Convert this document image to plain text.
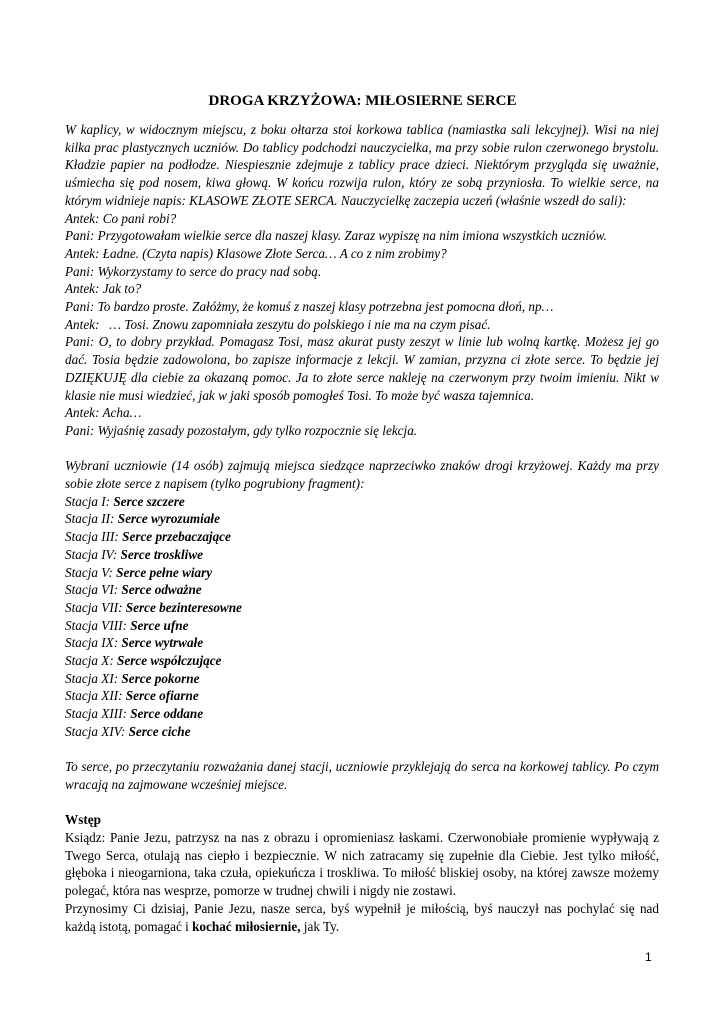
DROGA KRZYŻOWA: MIŁOSIERNE SERCE

W kaplicy, w widocznym miejscu, z boku ołtarza stoi korkowa tablica (namiastka sali lekcyjnej). Wisi na niej kilka prac plastycznych uczniów. Do tablicy podchodzi nauczycielka, ma przy sobie rulon czerwonego brystolu. Kładzie papier na podłodze. Niespiesznie zdejmuje z tablicy prace dzieci. Niektórym przygląda się uważnie, uśmiecha się pod nosem, kiwa głową. W końcu rozwija rulon, który ze sobą przyniosła. To wielkie serce, na którym widnieje napis: KLASOWE ZŁOTE SERCA. Nauczycielkę zaczepia uczeń (właśnie wszedł do sali):

Antek: Co pani robi?

Pani: Przygotowałam wielkie serce dla naszej klasy. Zaraz wypiszę na nim imiona wszystkich uczniów.

Antek: Ładne. (Czyta napis) Klasowe Złote Serca… A co z nim zrobimy?

Pani: Wykorzystamy to serce do pracy nad sobą.

Antek: Jak to?

Pani: To bardzo proste. Załóżmy, że komuś z naszej klasy potrzebna jest pomocna dłoń, np…

Antek:   … Tosi. Znowu zapomniała zeszytu do polskiego i nie ma na czym pisać.

Pani: O, to dobry przykład. Pomagasz Tosi, masz akurat pusty zeszyt w linie lub wolną kartkę. Możesz jej go dać. Tosia będzie zadowolona, bo zapisze informacje z lekcji. W zamian, przyzna ci złote serce. To będzie jej DZIĘKUJĘ dla ciebie za okazaną pomoc. Ja to złote serce nakleję na czerwonym przy twoim imieniu. Nikt w klasie nie musi wiedzieć, jak w jaki sposób pomogłeś Tosi. To może być wasza tajemnica.

Antek: Acha…

Pani: Wyjaśnię zasady pozostałym, gdy tylko rozpocznie się lekcja.

Wybrani uczniowie (14 osób) zajmują miejsca siedzące naprzeciwko znaków drogi krzyżowej. Każdy ma przy sobie złote serce z napisem (tylko pogrubiony fragment):

Stacja I: Serce szczere
Stacja II: Serce wyrozumiałe
Stacja III: Serce przebaczające
Stacja IV: Serce troskliwe
Stacja V: Serce pełne wiary
Stacja VI: Serce odważne
Stacja VII: Serce bezinteresowne
Stacja VIII: Serce ufne
Stacja IX: Serce wytrwałe
Stacja X: Serce współczujące
Stacja XI: Serce pokorne
Stacja XII: Serce ofiarne
Stacja XIII: Serce oddane
Stacja XIV: Serce ciche

To serce, po przeczytaniu rozważania danej stacji, uczniowie przyklejają do serca na korkowej tablicy. Po czym wracają na zajmowane wcześniej miejsce.

Wstęp

Ksiądz: Panie Jezu, patrzysz na nas z obrazu i opromieniasz łaskami. Czerwonobiałe promienie wypływają z Twego Serca, otulają nas ciepło i bezpiecznie. W nich zatracamy się zupełnie dla Ciebie. Jest tylko miłość, głęboka i nieogarniona, taka czuła, opiekuńcza i troskliwa. To miłość bliskiej osoby, na której zawsze możemy polegać, która nas wesprze, pomorze w trudnej chwili i nigdy nie zostawi.

Przynosimy Ci dzisiaj, Panie Jezu, nasze serca, byś wypełnił je miłością, byś nauczył nas pochylać się nad każdą istotą, pomagać i kochać miłosiernie, jak Ty.

1
